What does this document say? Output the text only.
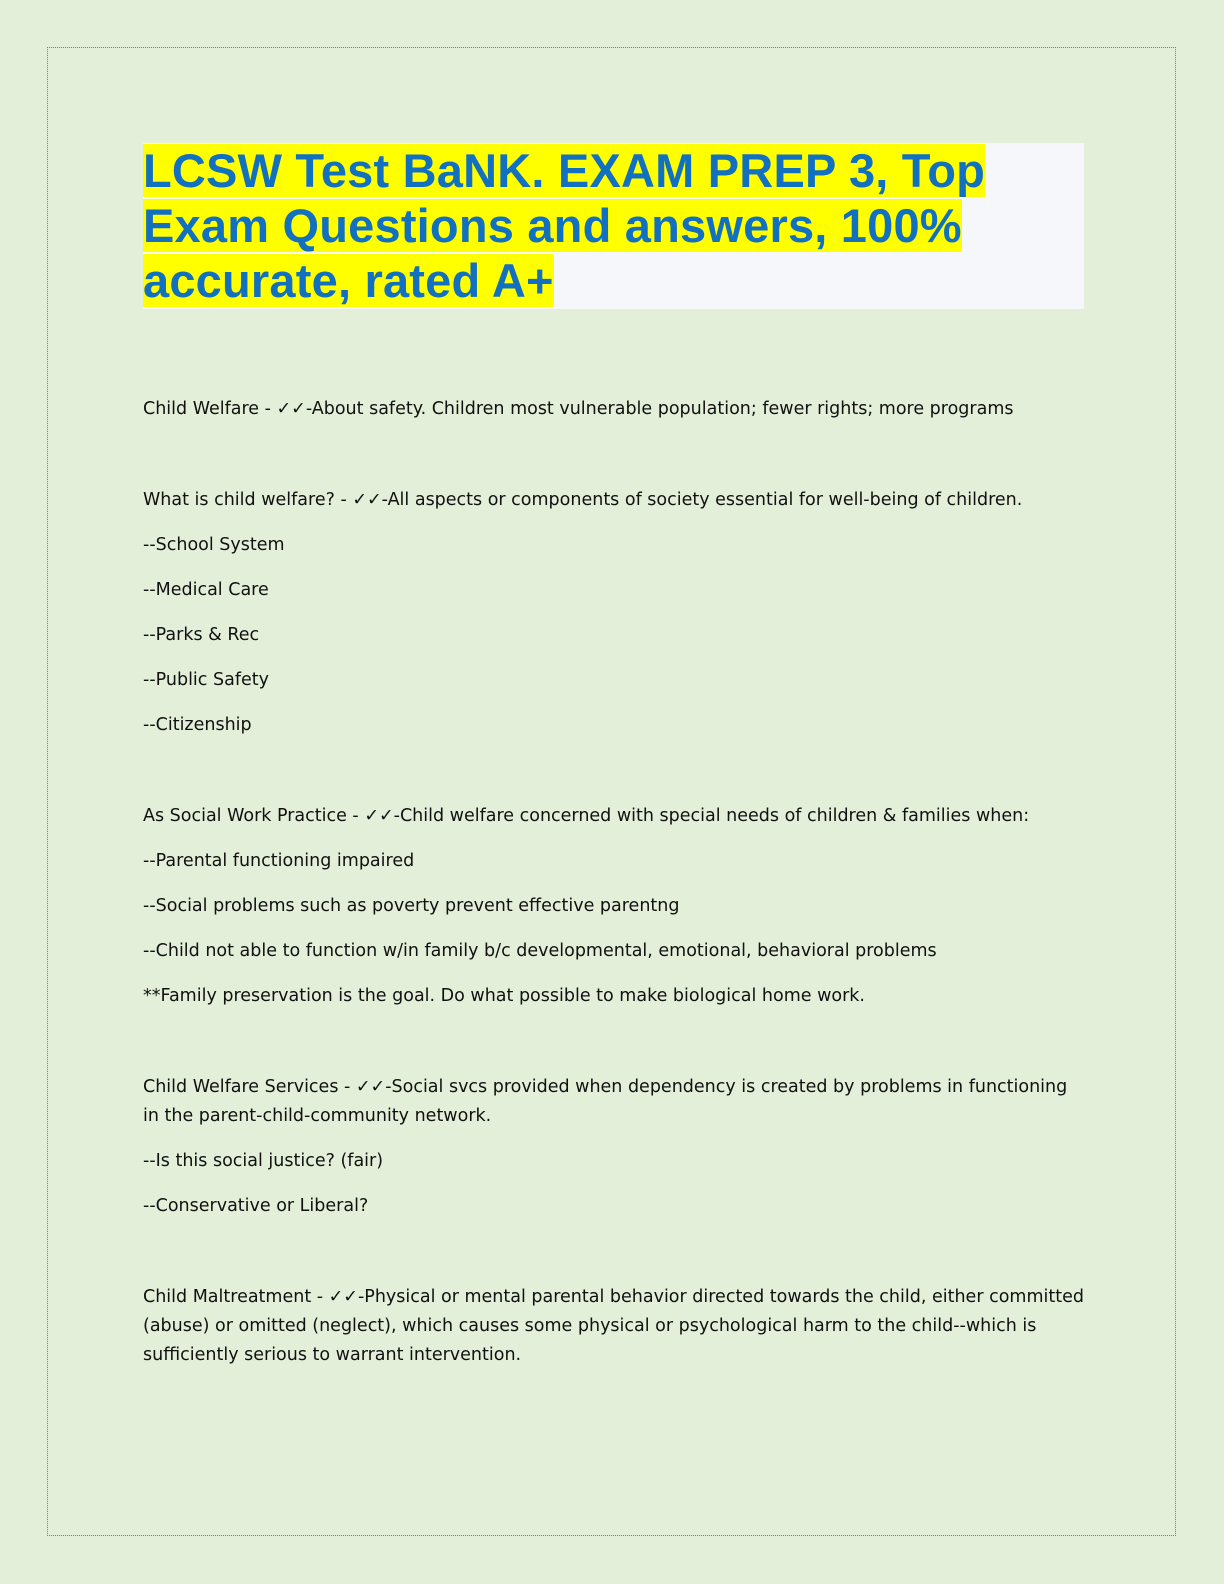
LCSW Test BaNK. EXAM PREP 3, Top Exam Questions and answers, 100% accurate, rated A+

Child Welfare - ✓✓-About safety. Children most vulnerable population; fewer rights; more programs

What is child welfare? - ✓✓-All aspects or components of society essential for well-being of children.

--School System

--Medical Care

--Parks & Rec

--Public Safety

--Citizenship

As Social Work Practice - ✓✓-Child welfare concerned with special needs of children & families when:

--Parental functioning impaired

--Social problems such as poverty prevent effective parentng

--Child not able to function w/in family b/c developmental, emotional, behavioral problems

**Family preservation is the goal. Do what possible to make biological home work.

Child Welfare Services - ✓✓-Social svcs provided when dependency is created by problems in functioning in the parent-child-community network.

--Is this social justice? (fair)

--Conservative or Liberal?

Child Maltreatment - ✓✓-Physical or mental parental behavior directed towards the child, either committed (abuse) or omitted (neglect), which causes some physical or psychological harm to the child--which is sufficiently serious to warrant intervention.
